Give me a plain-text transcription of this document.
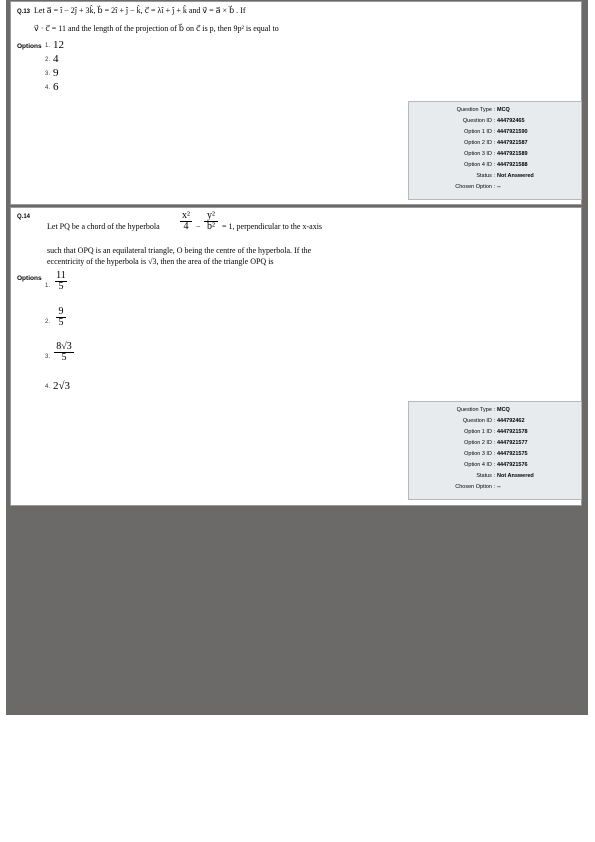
Q.13 Let a⃗ = î − 2ĵ + 3k̂, b⃗ = 2î + ĵ − k̂, c⃗ = λî + ĵ + k̂ and v⃗ = a⃗ × b⃗ . If
v⃗ · c⃗ = 11 and the length of the projection of b⃗ on c⃗ is p, then 9p² is equal to
Options 1. 12
2. 4
3. 9
4. 6
Question Type : MCQ
Question ID : 444792465
Option 1 ID : 4447921590
Option 2 ID : 4447921587
Option 3 ID : 4447921589
Option 4 ID : 4447921588
Status : Not Answered
Chosen Option : --
Q.14
Let PQ be a chord of the hyperbola
x²
4 −
y²
b² = 1, perpendicular to the x-axis
such that OPQ is an equilateral triangle, O being the centre of the hyperbola. If the
eccentricity of the hyperbola is √3, then the area of the triangle OPQ is
Options
1.
11
5
2.
9
5
3.
8√3
5
4. 2√3
Question Type : MCQ
Question ID : 444792462
Option 1 ID : 4447921578
Option 2 ID : 4447921577
Option 3 ID : 4447921575
Option 4 ID : 4447921576
Status : Not Answered
Chosen Option : --
